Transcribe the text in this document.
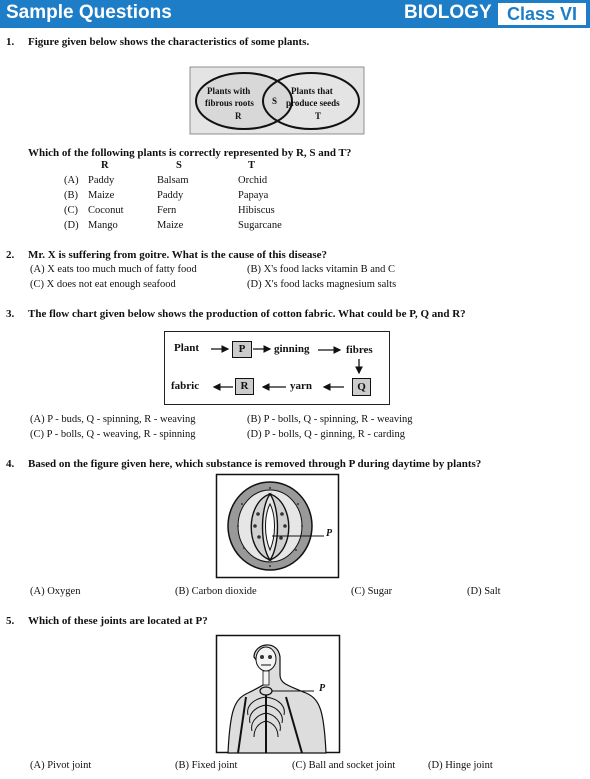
Sample Questions	BIOLOGY Class VI
1. Figure given below shows the characteristics of some plants.
Plants with
fibrous roots
R
S
Plants that
produce seeds
T
Which of the following plants is correctly represented by R, S and T?
R	S	T
(A) Paddy	Balsam	Orchid
(B) Maize	Paddy	Papaya
(C) Coconut	Fern	Hibiscus
(D) Mango	Maize	Sugarcane
2. Mr. X is suffering from goitre. What is the cause of this disease?
(A) X eats too much much of fatty food	(B) X's food lacks vitamin B and C
(C) X does not eat enough seafood	(D) X's food lacks magnesium salts
3. The flow chart given below shows the production of cotton fabric. What could be P, Q and R?
Plant	P	ginning	fibres
fabric	R	yarn	Q
(A) P - buds, Q - spinning, R - weaving	(B) P - bolls, Q - spinning, R - weaving
(C) P - bolls, Q - weaving, R - spinning	(D) P - bolls, Q - ginning, R - carding
4. Based on the figure given here, which substance is removed through P during daytime by plants?
P
(A) Oxygen	(B) Carbon dioxide	(C) Sugar	(D) Salt
5. Which of these joints are located at P?
P
(A) Pivot joint	(B) Fixed joint	(C) Ball and socket joint	(D) Hinge joint
